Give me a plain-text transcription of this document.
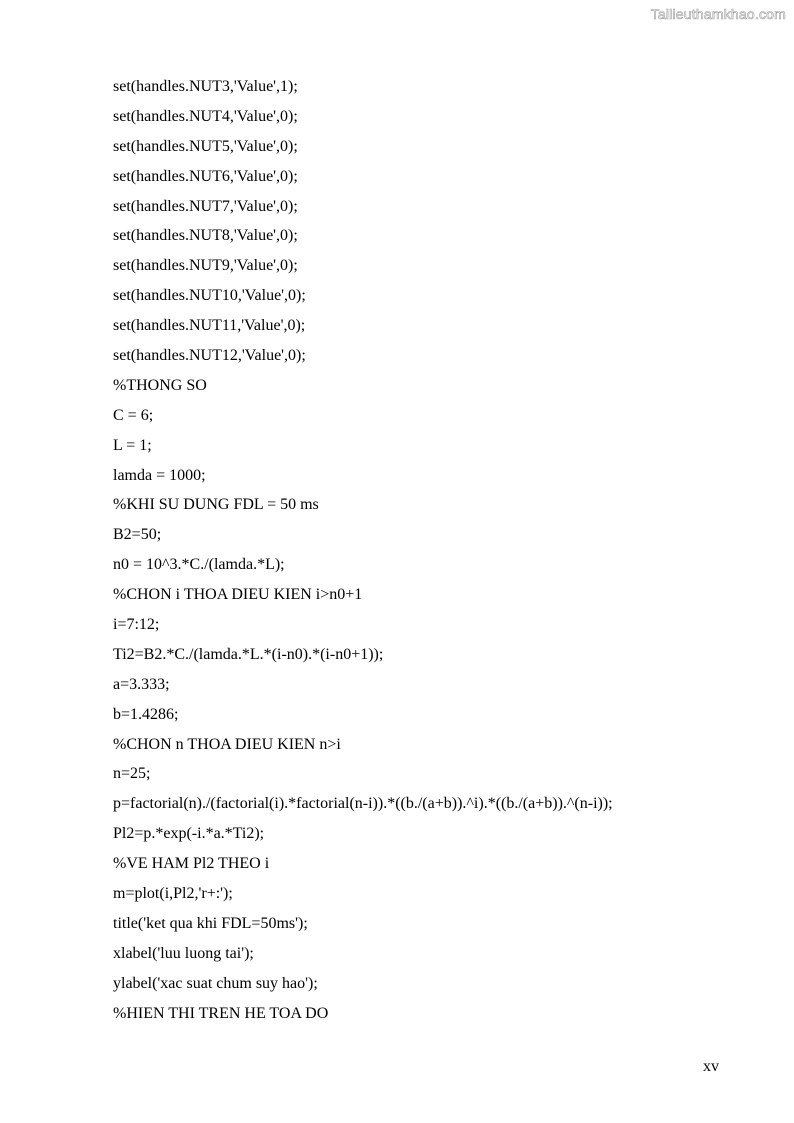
Tailieuthamkhao.com
set(handles.NUT3,'Value',1);
set(handles.NUT4,'Value',0);
set(handles.NUT5,'Value',0);
set(handles.NUT6,'Value',0);
set(handles.NUT7,'Value',0);
set(handles.NUT8,'Value',0);
set(handles.NUT9,'Value',0);
set(handles.NUT10,'Value',0);
set(handles.NUT11,'Value',0);
set(handles.NUT12,'Value',0);
%THONG SO
C = 6;
L = 1;
lamda = 1000;
%KHI SU DUNG FDL = 50 ms
B2=50;
n0 = 10^3.*C./(lamda.*L);
%CHON i THOA DIEU KIEN i>n0+1
i=7:12;
Ti2=B2.*C./(lamda.*L.*(i-n0).*(i-n0+1));
a=3.333;
b=1.4286;
%CHON n THOA DIEU KIEN n>i
n=25;
p=factorial(n)./(factorial(i).*factorial(n-i)).*((b./(a+b)).^i).*((b./(a+b)).^(n-i));
Pl2=p.*exp(-i.*a.*Ti2);
%VE HAM Pl2 THEO i
m=plot(i,Pl2,'r+:');
title('ket qua khi FDL=50ms');
xlabel('luu luong tai');
ylabel('xac suat chum suy hao');
%HIEN THI TREN HE TOA DO
xv
